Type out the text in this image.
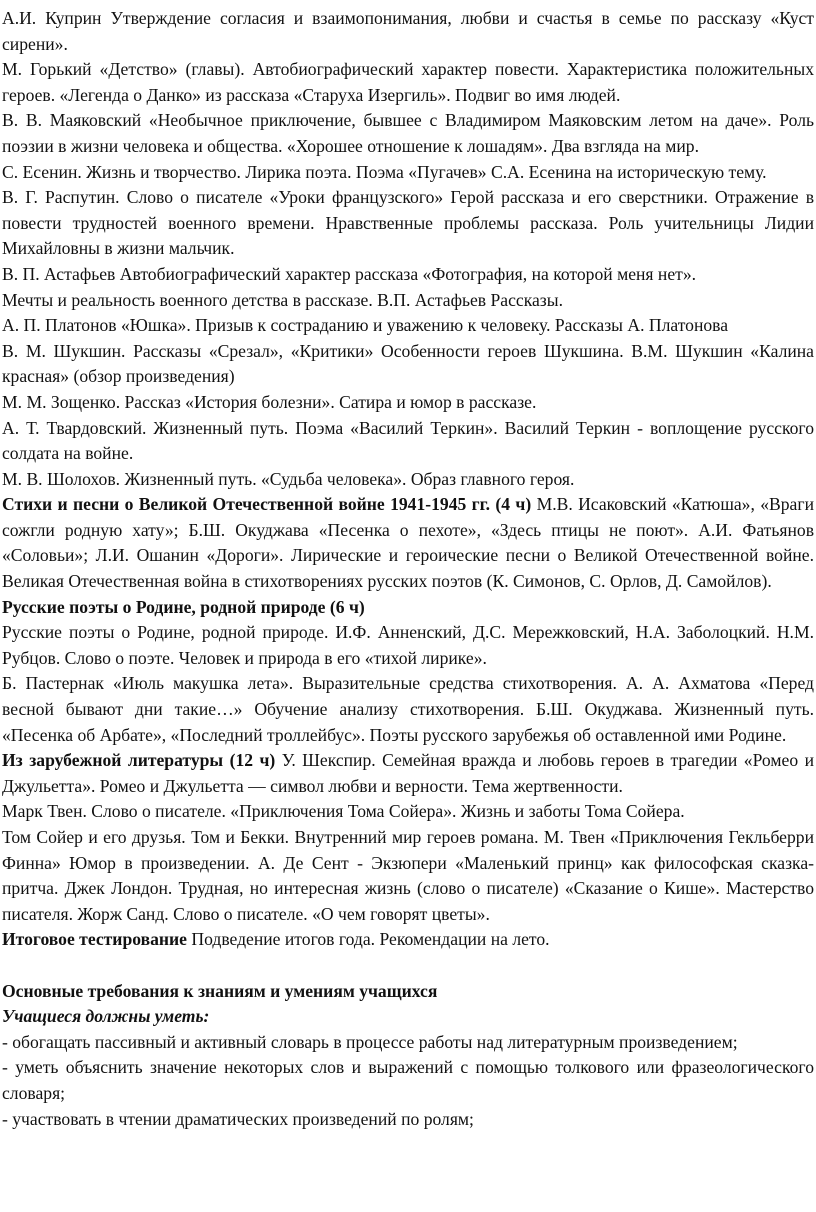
А.И. Куприн Утверждение согласия и взаимопонимания, любви и счастья в семье по рассказу «Куст сирени».

М. Горький «Детство» (главы). Автобиографический характер повести. Характеристика положительных героев. «Легенда о Данко» из рассказа «Старуха Изергиль». Подвиг во имя людей.

В. В. Маяковский «Необычное приключение, бывшее с Владимиром Маяковским летом на даче». Роль поэзии в жизни человека и общества. «Хорошее отношение к лошадям». Два взгляда на мир.

С. Есенин. Жизнь и творчество. Лирика поэта. Поэма «Пугачев» С.А. Есенина на историческую тему.

В. Г. Распутин. Слово о писателе «Уроки французского» Герой рассказа и его сверстники. Отражение в повести трудностей военного времени. Нравственные проблемы рассказа. Роль учительницы Лидии Михайловны в жизни мальчик.

В. П. Астафьев Автобиографический характер рассказа «Фотография, на которой меня нет».

Мечты и реальность военного детства в рассказе. В.П. Астафьев Рассказы.

А. П. Платонов «Юшка». Призыв к состраданию и уважению к человеку. Рассказы А. Платонова

В. М. Шукшин. Рассказы «Срезал», «Критики» Особенности героев Шукшина. В.М. Шукшин «Калина красная» (обзор произведения)

М. М. Зощенко. Рассказ «История болезни». Сатира и юмор в рассказе.

А. Т. Твардовский. Жизненный путь. Поэма «Василий Теркин». Василий Теркин - воплощение русского солдата на войне.

М. В. Шолохов. Жизненный путь. «Судьба человека». Образ главного героя.

Стихи и песни о Великой Отечественной войне 1941-1945 гг. (4 ч) М.В. Исаковский «Катюша», «Враги сожгли родную хату»; Б.Ш. Окуджава «Песенка о пехоте», «Здесь птицы не поют». А.И. Фатьянов «Соловьи»; Л.И. Ошанин «Дороги». Лирические и героические песни о Великой Отечественной войне. Великая Отечественная война в стихотворениях русских поэтов (К. Симонов, С. Орлов, Д. Самойлов).

Русские поэты о Родине, родной природе (6 ч)

Русские поэты о Родине, родной природе. И.Ф. Анненский, Д.С. Мережковский, Н.А. Заболоцкий. Н.М. Рубцов. Слово о поэте. Человек и природа в его «тихой лирике».

Б. Пастернак «Июль макушка лета». Выразительные средства стихотворения. А. А. Ахматова «Перед весной бывают дни такие…» Обучение анализу стихотворения. Б.Ш. Окуджава. Жизненный путь. «Песенка об Арбате», «Последний троллейбус». Поэты русского зарубежья об оставленной ими Родине.

Из зарубежной литературы (12 ч) У. Шекспир. Семейная вражда и любовь героев в трагедии «Ромео и Джульетта». Ромео и Джульетта — символ любви и верности. Тема жертвенности.

Марк Твен. Слово о писателе. «Приключения Тома Сойера». Жизнь и заботы Тома Сойера.

Том Сойер и его друзья. Том и Бекки. Внутренний мир героев романа. М. Твен «Приключения Гекльберри Финна» Юмор в произведении. А. Де Сент - Экзюпери «Маленький принц» как философская сказка- притча. Джек Лондон. Трудная, но интересная жизнь (слово о писателе) «Сказание о Кише». Мастерство писателя. Жорж Санд. Слово о писателе. «О чем говорят цветы».

Итоговое тестирование Подведение итогов года. Рекомендации на лето.

Основные требования к знаниям и умениям учащихся

Учащиеся должны уметь:

- обогащать пассивный и активный словарь в процессе работы над литературным произведением;

- уметь объяснить значение некоторых слов и выражений с помощью толкового или фразеологического словаря;

- участвовать в чтении драматических произведений по ролям;
